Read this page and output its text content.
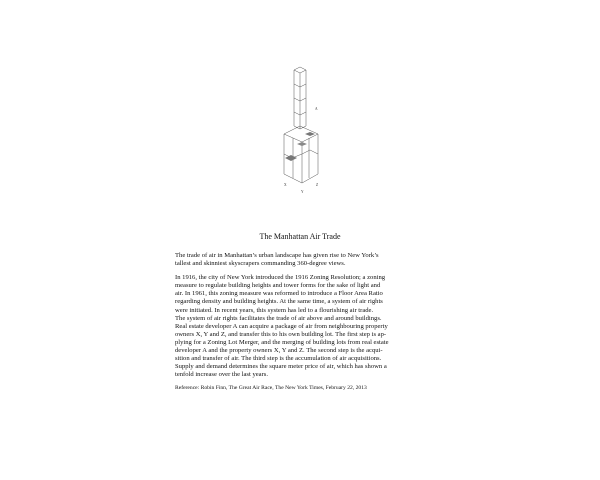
A
X
Y
Z
The Manhattan Air Trade
The trade of air in Manhattan’s urban landscape has given rise to New York’s
tallest and skinniest skyscrapers commanding 360-degree views.
In 1916, the city of New York introduced the 1916 Zoning Resolution; a zoning
measure to regulate building heights and tower forms for the sake of light and
air. In 1961, this zoning measure was reformed to introduce a Floor Area Ratio
regarding density and building heights. At the same time, a system of air rights
were initiated. In recent years, this system has led to a flourishing air trade.
The system of air rights facilitates the trade of air above and around buildings.
Real estate developer A can acquire a package of air from neighbouring property
owners X, Y and Z, and transfer this to his own building lot. The first step is ap-
plying for a Zoning Lot Merger, and the merging of building lots from real estate
developer A and the property owners X, Y and Z. The second step is the acqui-
sition and transfer of air. The third step is the accumulation of air acquisitions.
Supply and demand determines the square meter price of air, which has shown a
tenfold increase over the last years.
Reference: Robin Finn, The Great Air Race, The New York Times, February 22, 2013
